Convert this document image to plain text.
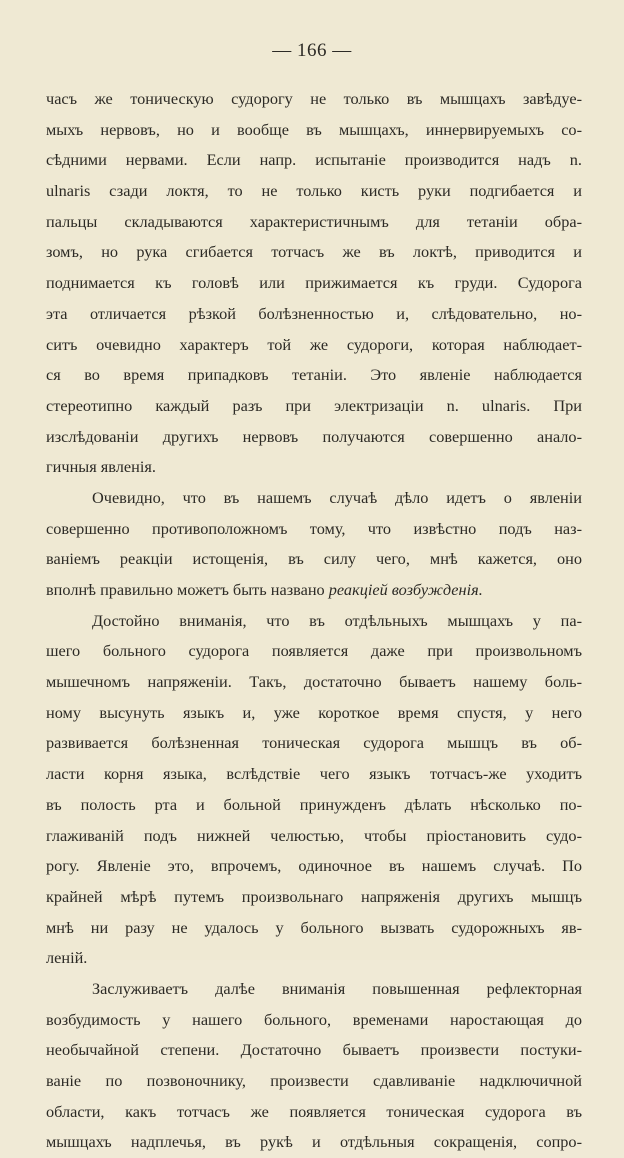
— 166 —
часъ же тоническую судорогу не только въ мышцахъ завѣдуе-
мыхъ нервовъ, но и вообще въ мышцахъ, иннервируемыхъ со-
сѣдними нервами. Если напр. испытаніе производится надъ n.
ulnaris сзади локтя, то не только кисть руки подгибается и
пальцы складываются характеристичнымъ для тетаніи обра-
зомъ, но рука сгибается тотчасъ же въ локтѣ, приводится и
поднимается къ головѣ или прижимается къ груди. Судорога
эта отличается рѣзкой болѣзненностью и, слѣдовательно, но-
ситъ очевидно характеръ той же судороги, которая наблюдает-
ся во время припадковъ тетаніи. Это явленіе наблюдается
стереотипно каждый разъ при электризаціи n. ulnaris. При
изслѣдованіи другихъ нервовъ получаются совершенно анало-
гичныя явленія.
Очевидно, что въ нашемъ случаѣ дѣло идетъ о явленіи
совершенно противоположномъ тому, что извѣстно подъ наз-
ваніемъ реакціи истощенія, въ силу чего, мнѣ кажется, оно
вполнѣ правильно можетъ быть названо реакціей возбужденія.
Достойно вниманія, что въ отдѣльныхъ мышцахъ у па-
шего больного судорога появляется даже при произвольномъ
мышечномъ напряженіи. Такъ, достаточно бываетъ нашему боль-
ному высунуть языкъ и, уже короткое время спустя, у него
развивается болѣзненная тоническая судорога мышцъ въ об-
ласти корня языка, вслѣдствіе чего языкъ тотчасъ-же уходитъ
въ полость рта и больной принужденъ дѣлать нѣсколько по-
глаживаній подъ нижней челюстью, чтобы пріостановить судо-
рогу. Явленіе это, впрочемъ, одиночное въ нашемъ случаѣ. По
крайней мѣрѣ путемъ произвольнаго напряженія другихъ мышцъ
мнѣ ни разу не удалось у больного вызвать судорожныхъ яв-
леній.
Заслуживаетъ далѣе вниманія повышенная рефлекторная
возбудимость у нашего больного, временами наростающая до
необычайной степени. Достаточно бываетъ произвести постуки-
ваніе по позвоночнику, произвести сдавливаніе надключичной
области, какъ тотчасъ же появляется тоническая судорога въ
мышцахъ надплечья, въ рукѣ и отдѣльныя сокращенія, сопро-
